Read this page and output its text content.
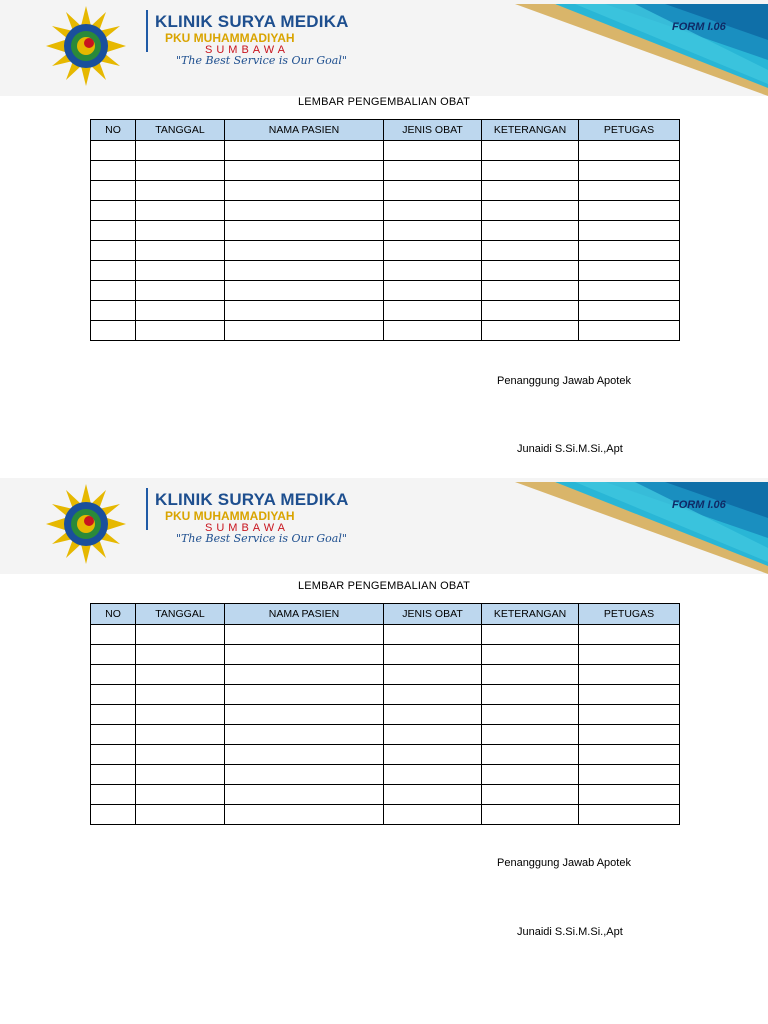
KLINIK SURYA MEDIKA
PKU MUHAMMADIYAH
SUMBAWA
"The Best Service is Our Goal"
FORM I.06
LEMBAR PENGEMBALIAN OBAT
NO	TANGGAL	NAMA PASIEN	JENIS OBAT	KETERANGAN	PETUGAS

Penanggung Jawab Apotek
Junaidi S.Si.M.Si.,Apt
KLINIK SURYA MEDIKA
PKU MUHAMMADIYAH
SUMBAWA
"The Best Service is Our Goal"
FORM I.06
LEMBAR PENGEMBALIAN OBAT
NO	TANGGAL	NAMA PASIEN	JENIS OBAT	KETERANGAN	PETUGAS

Penanggung Jawab Apotek
Junaidi S.Si.M.Si.,Apt
